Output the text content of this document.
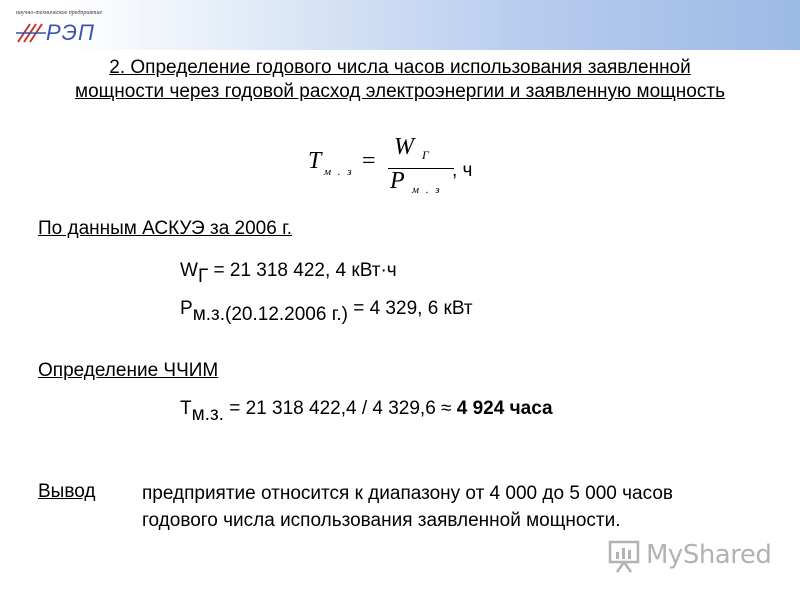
научно-техническое предприятие
РЭП
2. Определение годового числа часов использования заявленной
мощности через годовой расход электроэнергии и заявленную мощность
T м . з =
W Г
P м . з
, ч
По данным АСКУЭ за 2006 г.
WГ = 21 318 422, 4 кВт·ч
Pм.з.(20.12.2006 г.) = 4 329, 6 кВт
Определение ЧЧИМ
Tм.з. = 21 318 422,4 / 4 329,6 ≈ 4 924 часа
Вывод предприятие относится к диапазону от 4 000 до 5 000 часов
годового числа использования заявленной мощности.
MyShared
